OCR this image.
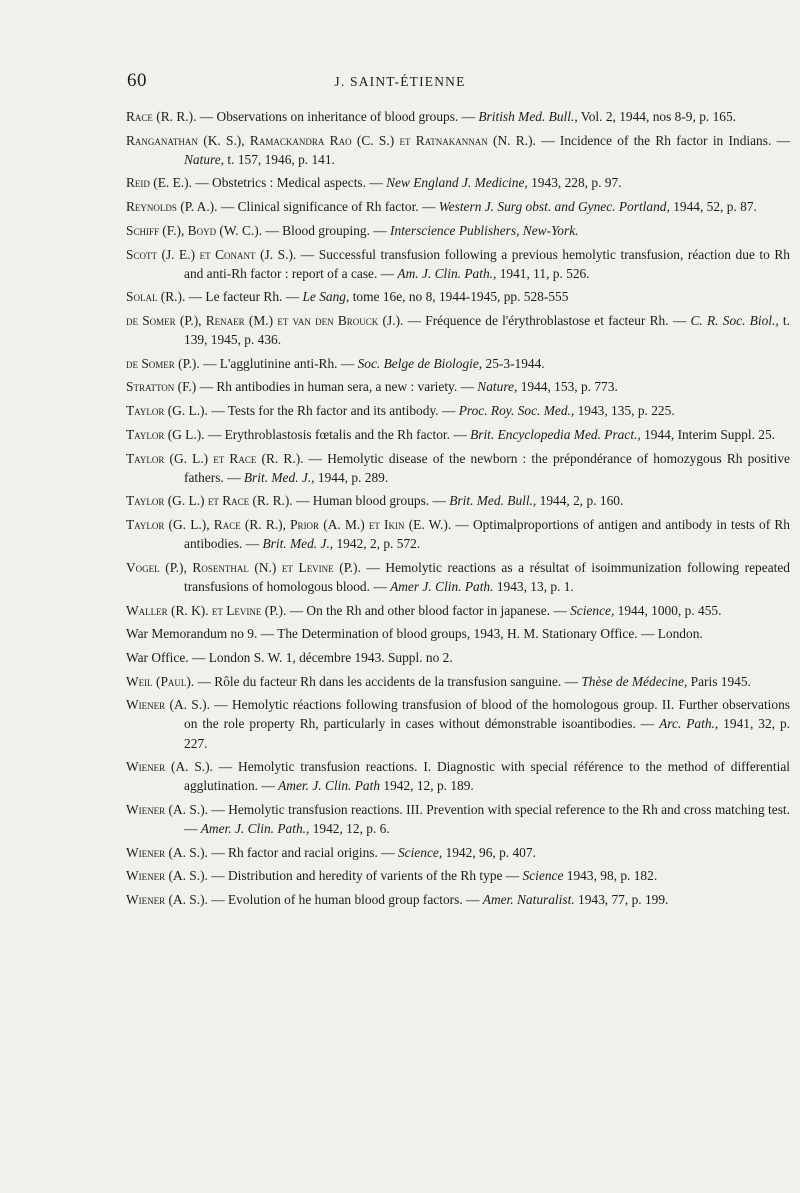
60	J. SAINT-ÉTIENNE

Race (R. R.). — Observations on inheritance of blood groups. — British Med. Bull., Vol. 2, 1944, nos 8-9, p. 165.

Ranganathan (K. S.), Ramackandra Rao (C. S.) et Ratnakannan (N. R.). — Incidence of the Rh factor in Indians. — Nature, t. 157, 1946, p. 141.

Reid (E. E.). — Obstetrics : Medical aspects. — New England J. Medicine, 1943, 228, p. 97.

Reynolds (P. A.). — Clinical significance of Rh factor. — Western J. Surg obst. and Gynec. Portland, 1944, 52, p. 87.

Schiff (F.), Boyd (W. C.). — Blood grouping. — Interscience Publishers, New-York.

Scott (J. E.) et Conant (J. S.). — Successful transfusion following a previous hemolytic transfusion, réaction due to Rh and anti-Rh factor : report of a case. — Am. J. Clin. Path., 1941, 11, p. 526.

Solal (R.). — Le facteur Rh. — Le Sang, tome 16e, no 8, 1944-1945, pp. 528-555

de Somer (P.), Renaer (M.) et van den Brouck (J.). — Fréquence de l'érythroblastose et facteur Rh. — C. R. Soc. Biol., t. 139, 1945, p. 436.

de Somer (P.). — L'agglutinine anti-Rh. — Soc. Belge de Biologie, 25-3-1944.

Stratton (F.) — Rh antibodies in human sera, a new : variety. — Nature, 1944, 153, p. 773.

Taylor (G. L.). — Tests for the Rh factor and its antibody. — Proc. Roy. Soc. Med., 1943, 135, p. 225.

Taylor (G L.). — Erythroblastosis fœtalis and the Rh factor. — Brit. Encyclopedia Med. Pract., 1944, Interim Suppl. 25.

Taylor (G. L.) et Race (R. R.). — Hemolytic disease of the newborn : the prépondérance of homozygous Rh positive fathers. — Brit. Med. J., 1944, p. 289.

Taylor (G. L.) et Race (R. R.). — Human blood groups. — Brit. Med. Bull., 1944, 2, p. 160.

Taylor (G. L.), Race (R. R.), Prior (A. M.) et Ikin (E. W.). — Optimalproportions of antigen and antibody in tests of Rh antibodies. — Brit. Med. J., 1942, 2, p. 572.

Vogel (P.), Rosenthal (N.) et Levine (P.). — Hemolytic reactions as a résultat of isoimmunization following repeated transfusions of homologous blood. — Amer J. Clin. Path. 1943, 13, p. 1.

Waller (R. K). et Levine (P.). — On the Rh and other blood factor in japanese. — Science, 1944, 1000, p. 455.

War Memorandum no 9. — The Determination of blood groups, 1943, H. M. Stationary Office. — London.

War Office. — London S. W. 1, décembre 1943. Suppl. no 2.

Weil (Paul). — Rôle du facteur Rh dans les accidents de la transfusion sanguine. — Thèse de Médecine, Paris 1945.

Wiener (A. S.). — Hemolytic réactions following transfusion of blood of the homologous group. II. Further observations on the role property Rh, particularly in cases without démonstrable isoantibodies. — Arc. Path., 1941, 32, p. 227.

Wiener (A. S.). — Hemolytic transfusion reactions. I. Diagnostic with special référence to the method of differential agglutination. — Amer. J. Clin. Path 1942, 12, p. 189.

Wiener (A. S.). — Hemolytic transfusion reactions. III. Prevention with special reference to the Rh and cross matching test. — Amer. J. Clin. Path., 1942, 12, p. 6.

Wiener (A. S.). — Rh factor and racial origins. — Science, 1942, 96, p. 407.

Wiener (A. S.). — Distribution and heredity of varients of the Rh type — Science 1943, 98, p. 182.

Wiener (A. S.). — Evolution of he human blood group factors. — Amer. Naturalist. 1943, 77, p. 199.
